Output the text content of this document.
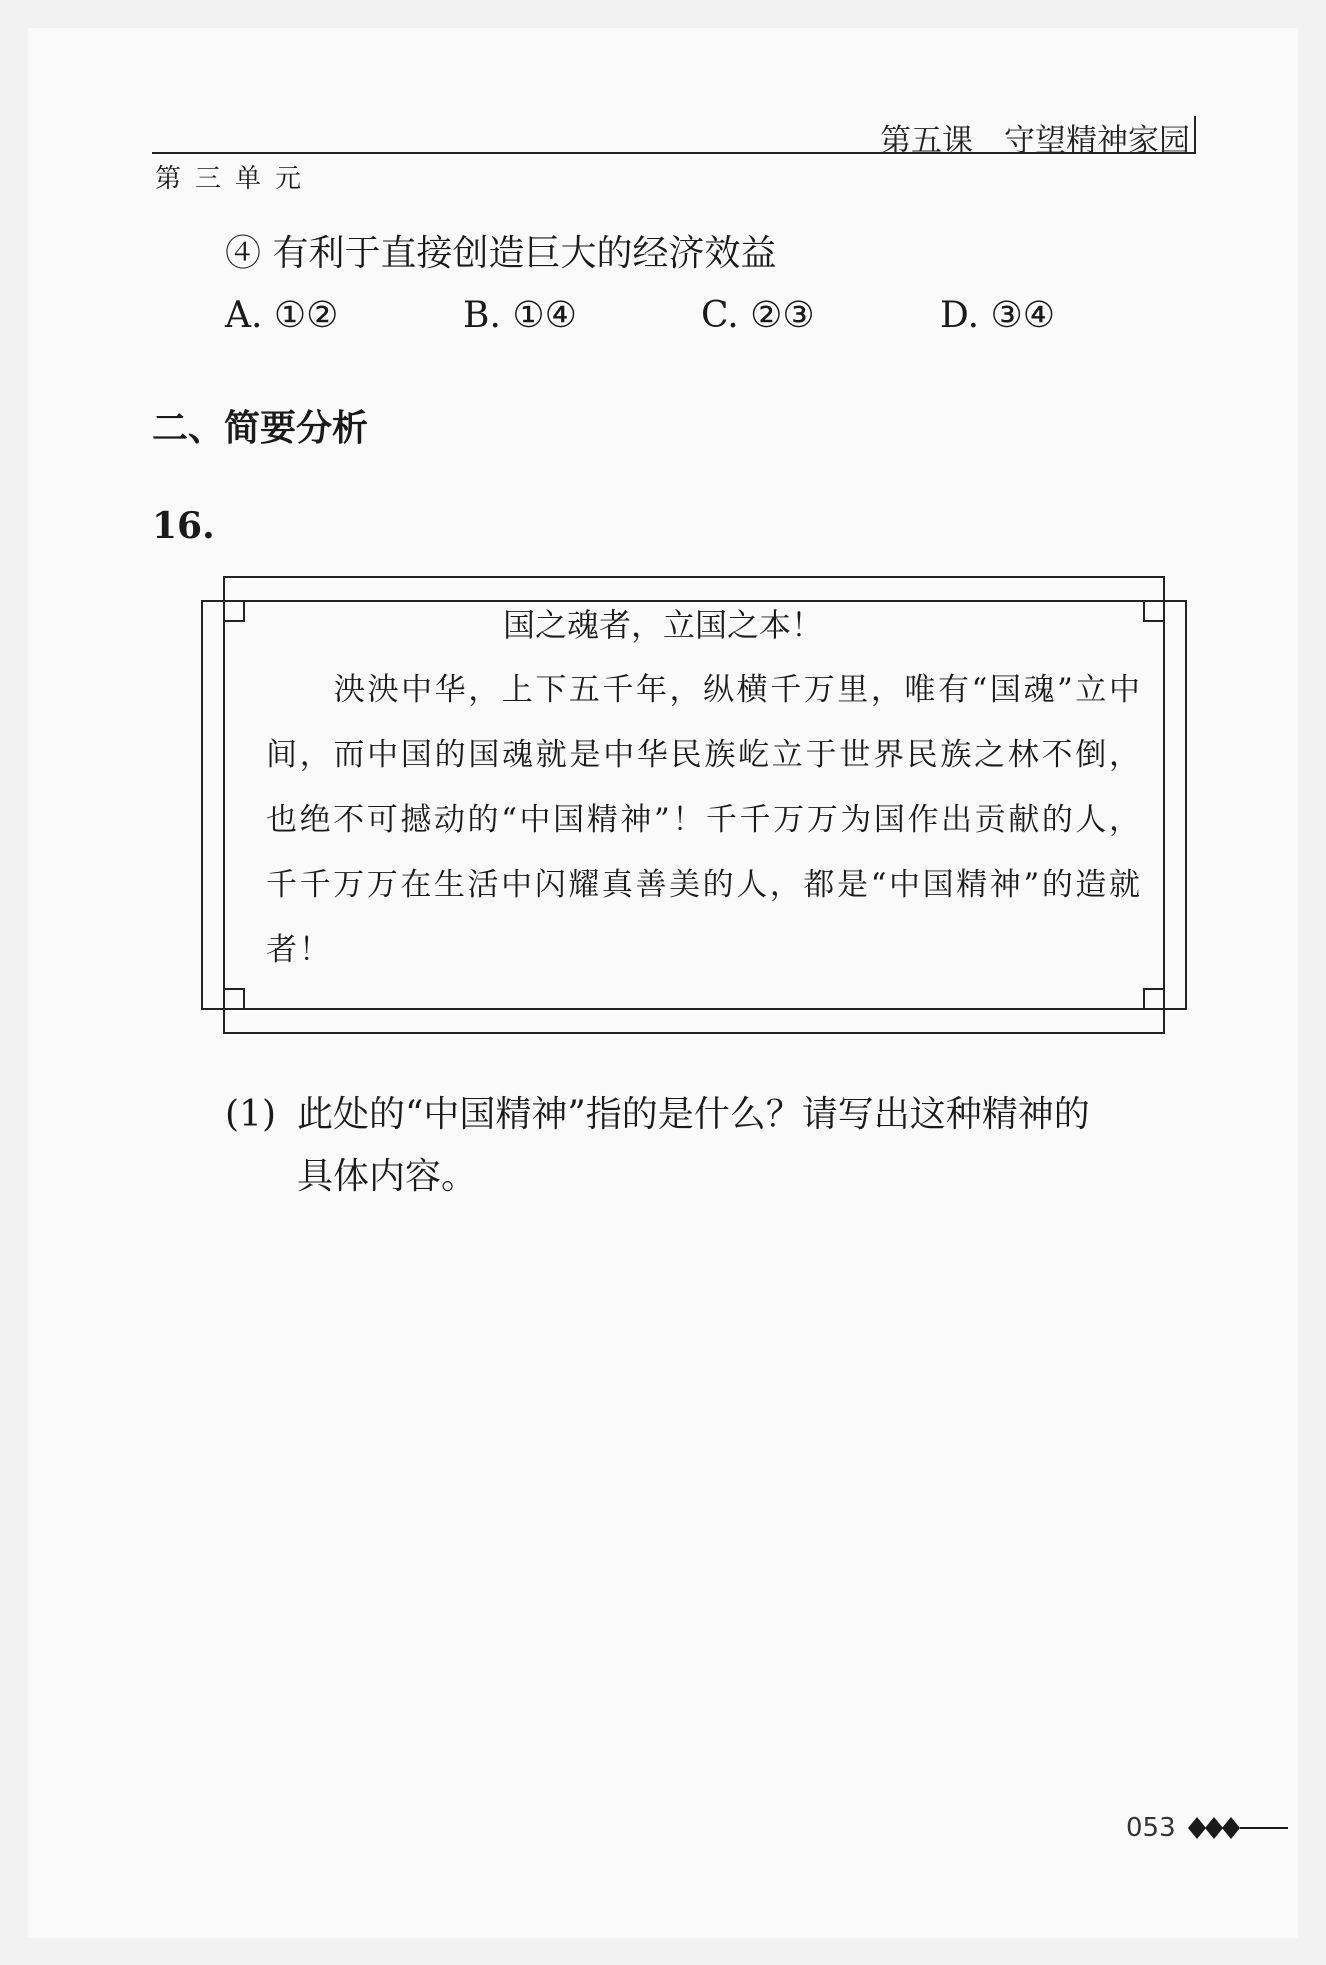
第五课　守望精神家园
第三单元
④ 有利于直接创造巨大的经济效益
A. ①②	B. ①④	C. ②③	D. ③④
二、简要分析
16.
国之魂者，立国之本！
泱泱中华，上下五千年，纵横千万里，唯有“国魂”立中间，而中国的国魂就是中华民族屹立于世界民族之林不倒，也绝不可撼动的“中国精神”！千千万万为国作出贡献的人，千千万万在生活中闪耀真善美的人，都是“中国精神”的造就者！
(1) 此处的“中国精神”指的是什么？请写出这种精神的
具体内容。
053
